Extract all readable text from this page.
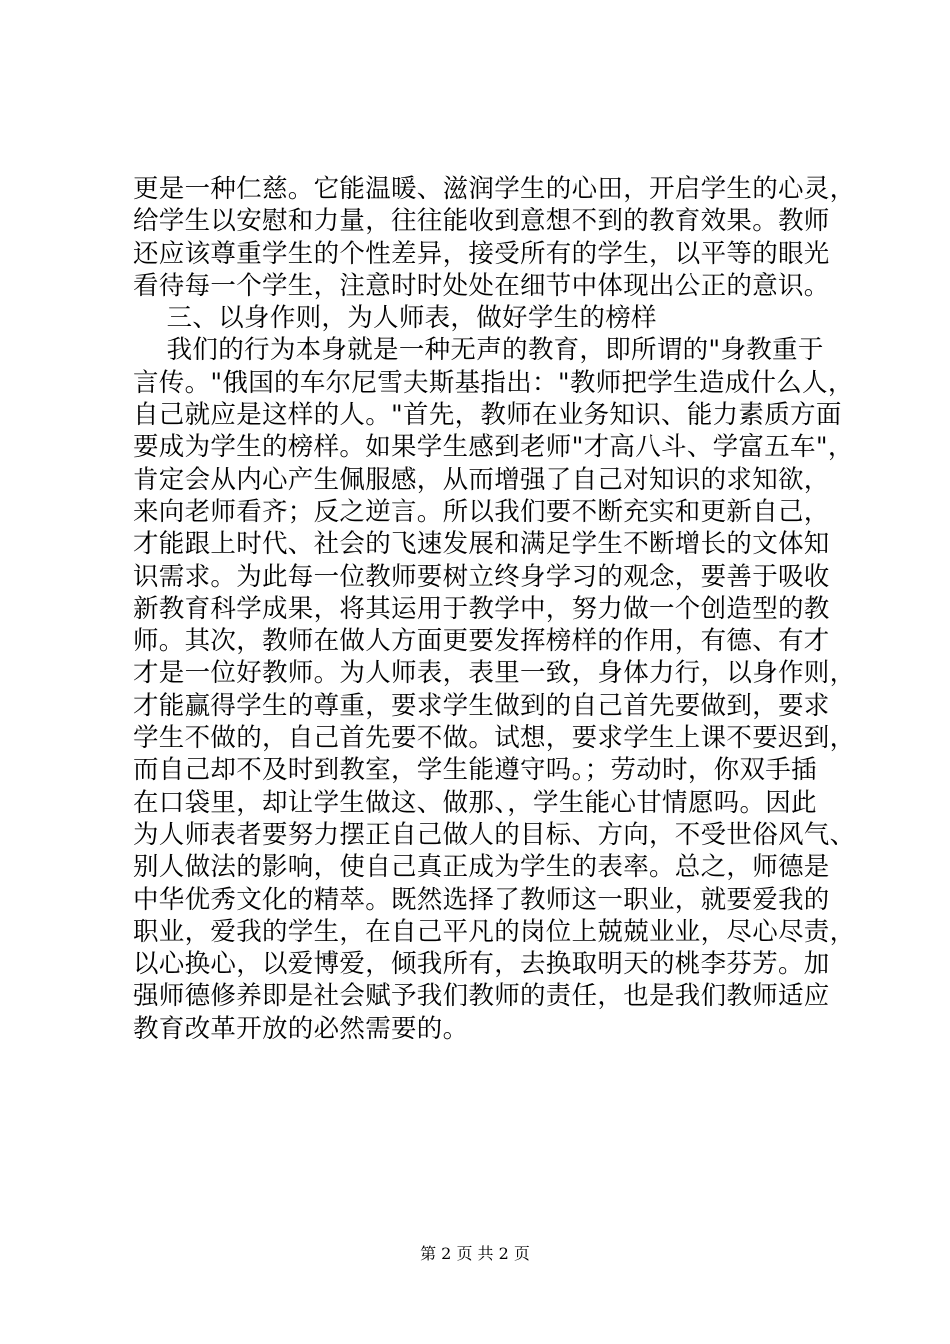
更是一种仁慈。它能温暖、滋润学生的心田，开启学生的心灵，
给学生以安慰和力量，往往能收到意想不到的教育效果。教师
还应该尊重学生的个性差异，接受所有的学生，以平等的眼光
看待每一个学生，注意时时处处在细节中体现出公正的意识。
三、以身作则，为人师表，做好学生的榜样
我们的行为本身就是一种无声的教育，即所谓的"身教重于
言传。"俄国的车尔尼雪夫斯基指出："教师把学生造成什么人，
自己就应是这样的人。"首先，教师在业务知识、能力素质方面
要成为学生的榜样。如果学生感到老师"才高八斗、学富五车"，
肯定会从内心产生佩服感，从而增强了自己对知识的求知欲，
来向老师看齐；反之逆言。所以我们要不断充实和更新自己，
才能跟上时代、社会的飞速发展和满足学生不断增长的文体知
识需求。为此每一位教师要树立终身学习的观念，要善于吸收
新教育科学成果，将其运用于教学中，努力做一个创造型的教
师。其次，教师在做人方面更要发挥榜样的作用，有德、有才
才是一位好教师。为人师表，表里一致，身体力行，以身作则，
才能赢得学生的尊重，要求学生做到的自己首先要做到，要求
学生不做的，自己首先要不做。试想，要求学生上课不要迟到，
而自己却不及时到教室，学生能遵守吗。；劳动时，你双手插
在口袋里，却让学生做这、做那、，学生能心甘情愿吗。因此
为人师表者要努力摆正自己做人的目标、方向，不受世俗风气、
别人做法的影响，使自己真正成为学生的表率。总之，师德是
中华优秀文化的精萃。既然选择了教师这一职业，就要爱我的
职业，爱我的学生，在自己平凡的岗位上兢兢业业，尽心尽责，
以心换心，以爱博爱，倾我所有，去换取明天的桃李芬芳。加
强师德修养即是社会赋予我们教师的责任，也是我们教师适应
教育改革开放的必然需要的。
第 2 页 共 2 页
